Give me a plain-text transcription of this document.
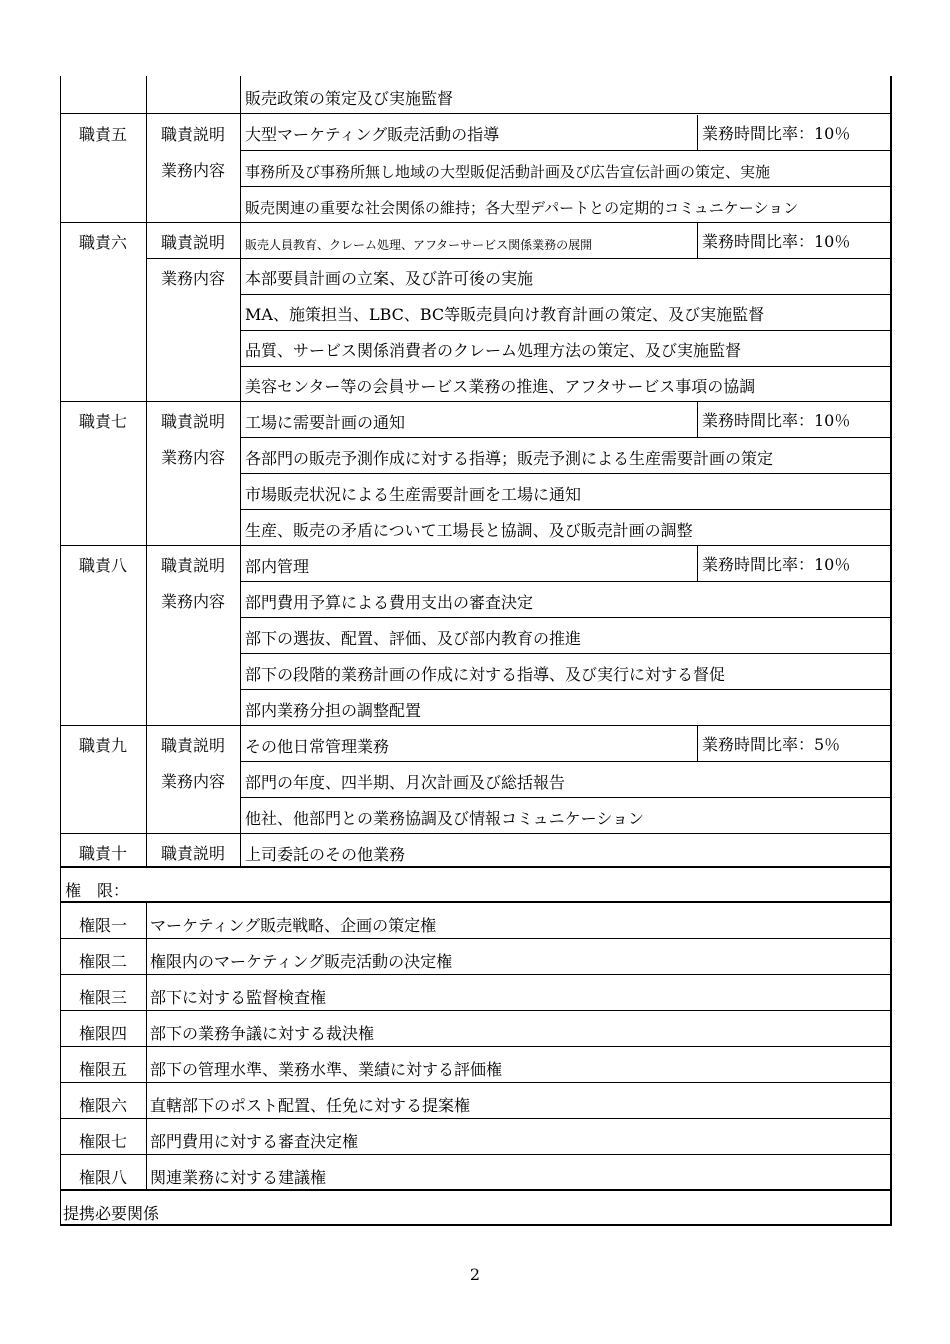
販売政策の策定及び実施監督
職責五	職責説明	大型マーケティング販売活動の指導	業務時間比率：10％
業務内容	事務所及び事務所無し地域の大型販促活動計画及び広告宣伝計画の策定、実施
販売関連の重要な社会関係の維持；各大型デパートとの定期的コミュニケーション
職責六	職責説明	販売人員教育、クレーム処理、アフターサービス関係業務の展開	業務時間比率：10％
業務内容	本部要員計画の立案、及び許可後の実施
MA、施策担当、LBC、BC等販売員向け教育計画の策定、及び実施監督
品質、サービス関係消費者のクレーム処理方法の策定、及び実施監督
美容センター等の会員サービス業務の推進、アフタサービス事項の協調
職責七	職責説明	工場に需要計画の通知	業務時間比率：10％
業務内容	各部門の販売予測作成に対する指導；販売予測による生産需要計画の策定
市場販売状況による生産需要計画を工場に通知
生産、販売の矛盾について工場長と協調、及び販売計画の調整
職責八	職責説明	部内管理	業務時間比率：10％
業務内容	部門費用予算による費用支出の審査決定
部下の選抜、配置、評価、及び部内教育の推進
部下の段階的業務計画の作成に対する指導、及び実行に対する督促
部内業務分担の調整配置
職責九	職責説明	その他日常管理業務	業務時間比率：5％
業務内容	部門の年度、四半期、月次計画及び総括報告
他社、他部門との業務協調及び情報コミュニケーション
職責十	職責説明	上司委託のその他業務
権　限：
権限一	マーケティング販売戦略、企画の策定権
権限二	権限内のマーケティング販売活動の決定権
権限三	部下に対する監督検査権
権限四	部下の業務争議に対する裁決権
権限五	部下の管理水準、業務水準、業績に対する評価権
権限六	直轄部下のポスト配置、任免に対する提案権
権限七	部門費用に対する審査決定権
権限八	関連業務に対する建議権
提携必要関係
2
